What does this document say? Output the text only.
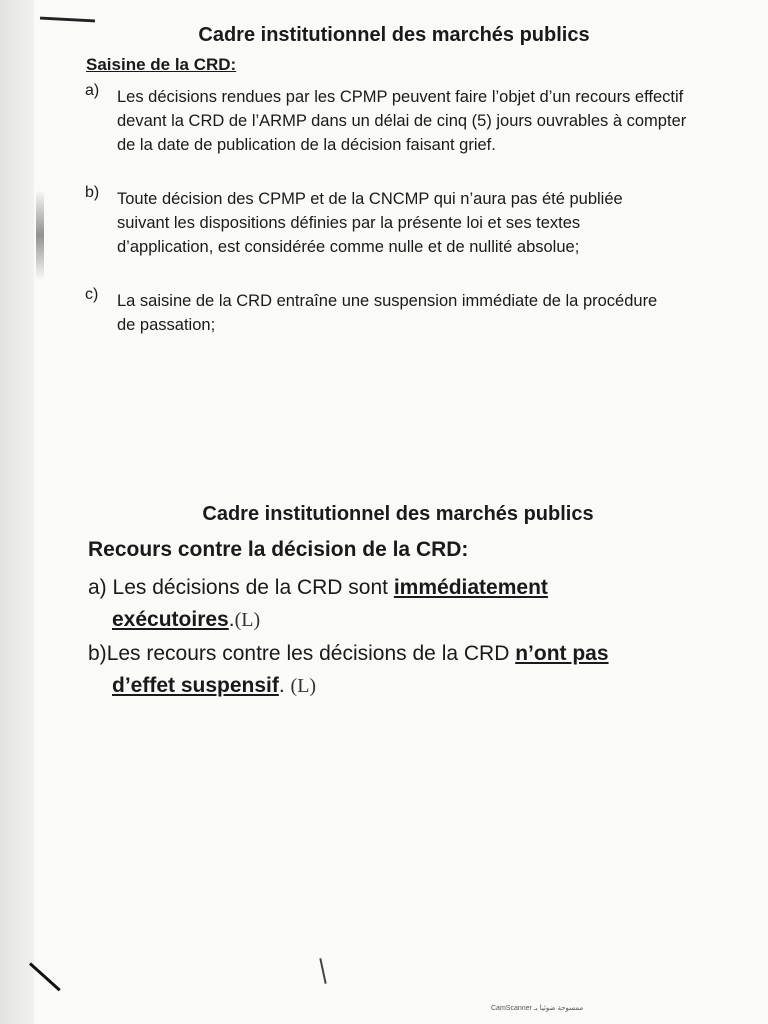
Cadre institutionnel des marchés publics
Saisine de la CRD:
a) Les décisions rendues par les CPMP peuvent faire l’objet d’un recours effectif devant la CRD de l’ARMP dans un délai de cinq (5) jours ouvrables à compter de la date de publication de la décision faisant grief.
b) Toute décision des CPMP et de la CNCMP qui n’aura pas été publiée suivant les dispositions définies par la présente loi et ses textes d’application, est considérée comme nulle et de nullité absolue;
c) La saisine de la CRD entraîne une suspension immédiate de la procédure de passation;
Cadre institutionnel des marchés publics
Recours contre la décision de la CRD:
a) Les décisions de la CRD sont immédiatement
exécutoires.(L)
b)Les recours contre les décisions de la CRD n’ont pas
d’effet suspensif. (L)
CamScanner ممسوحة ضوئيا بـ
